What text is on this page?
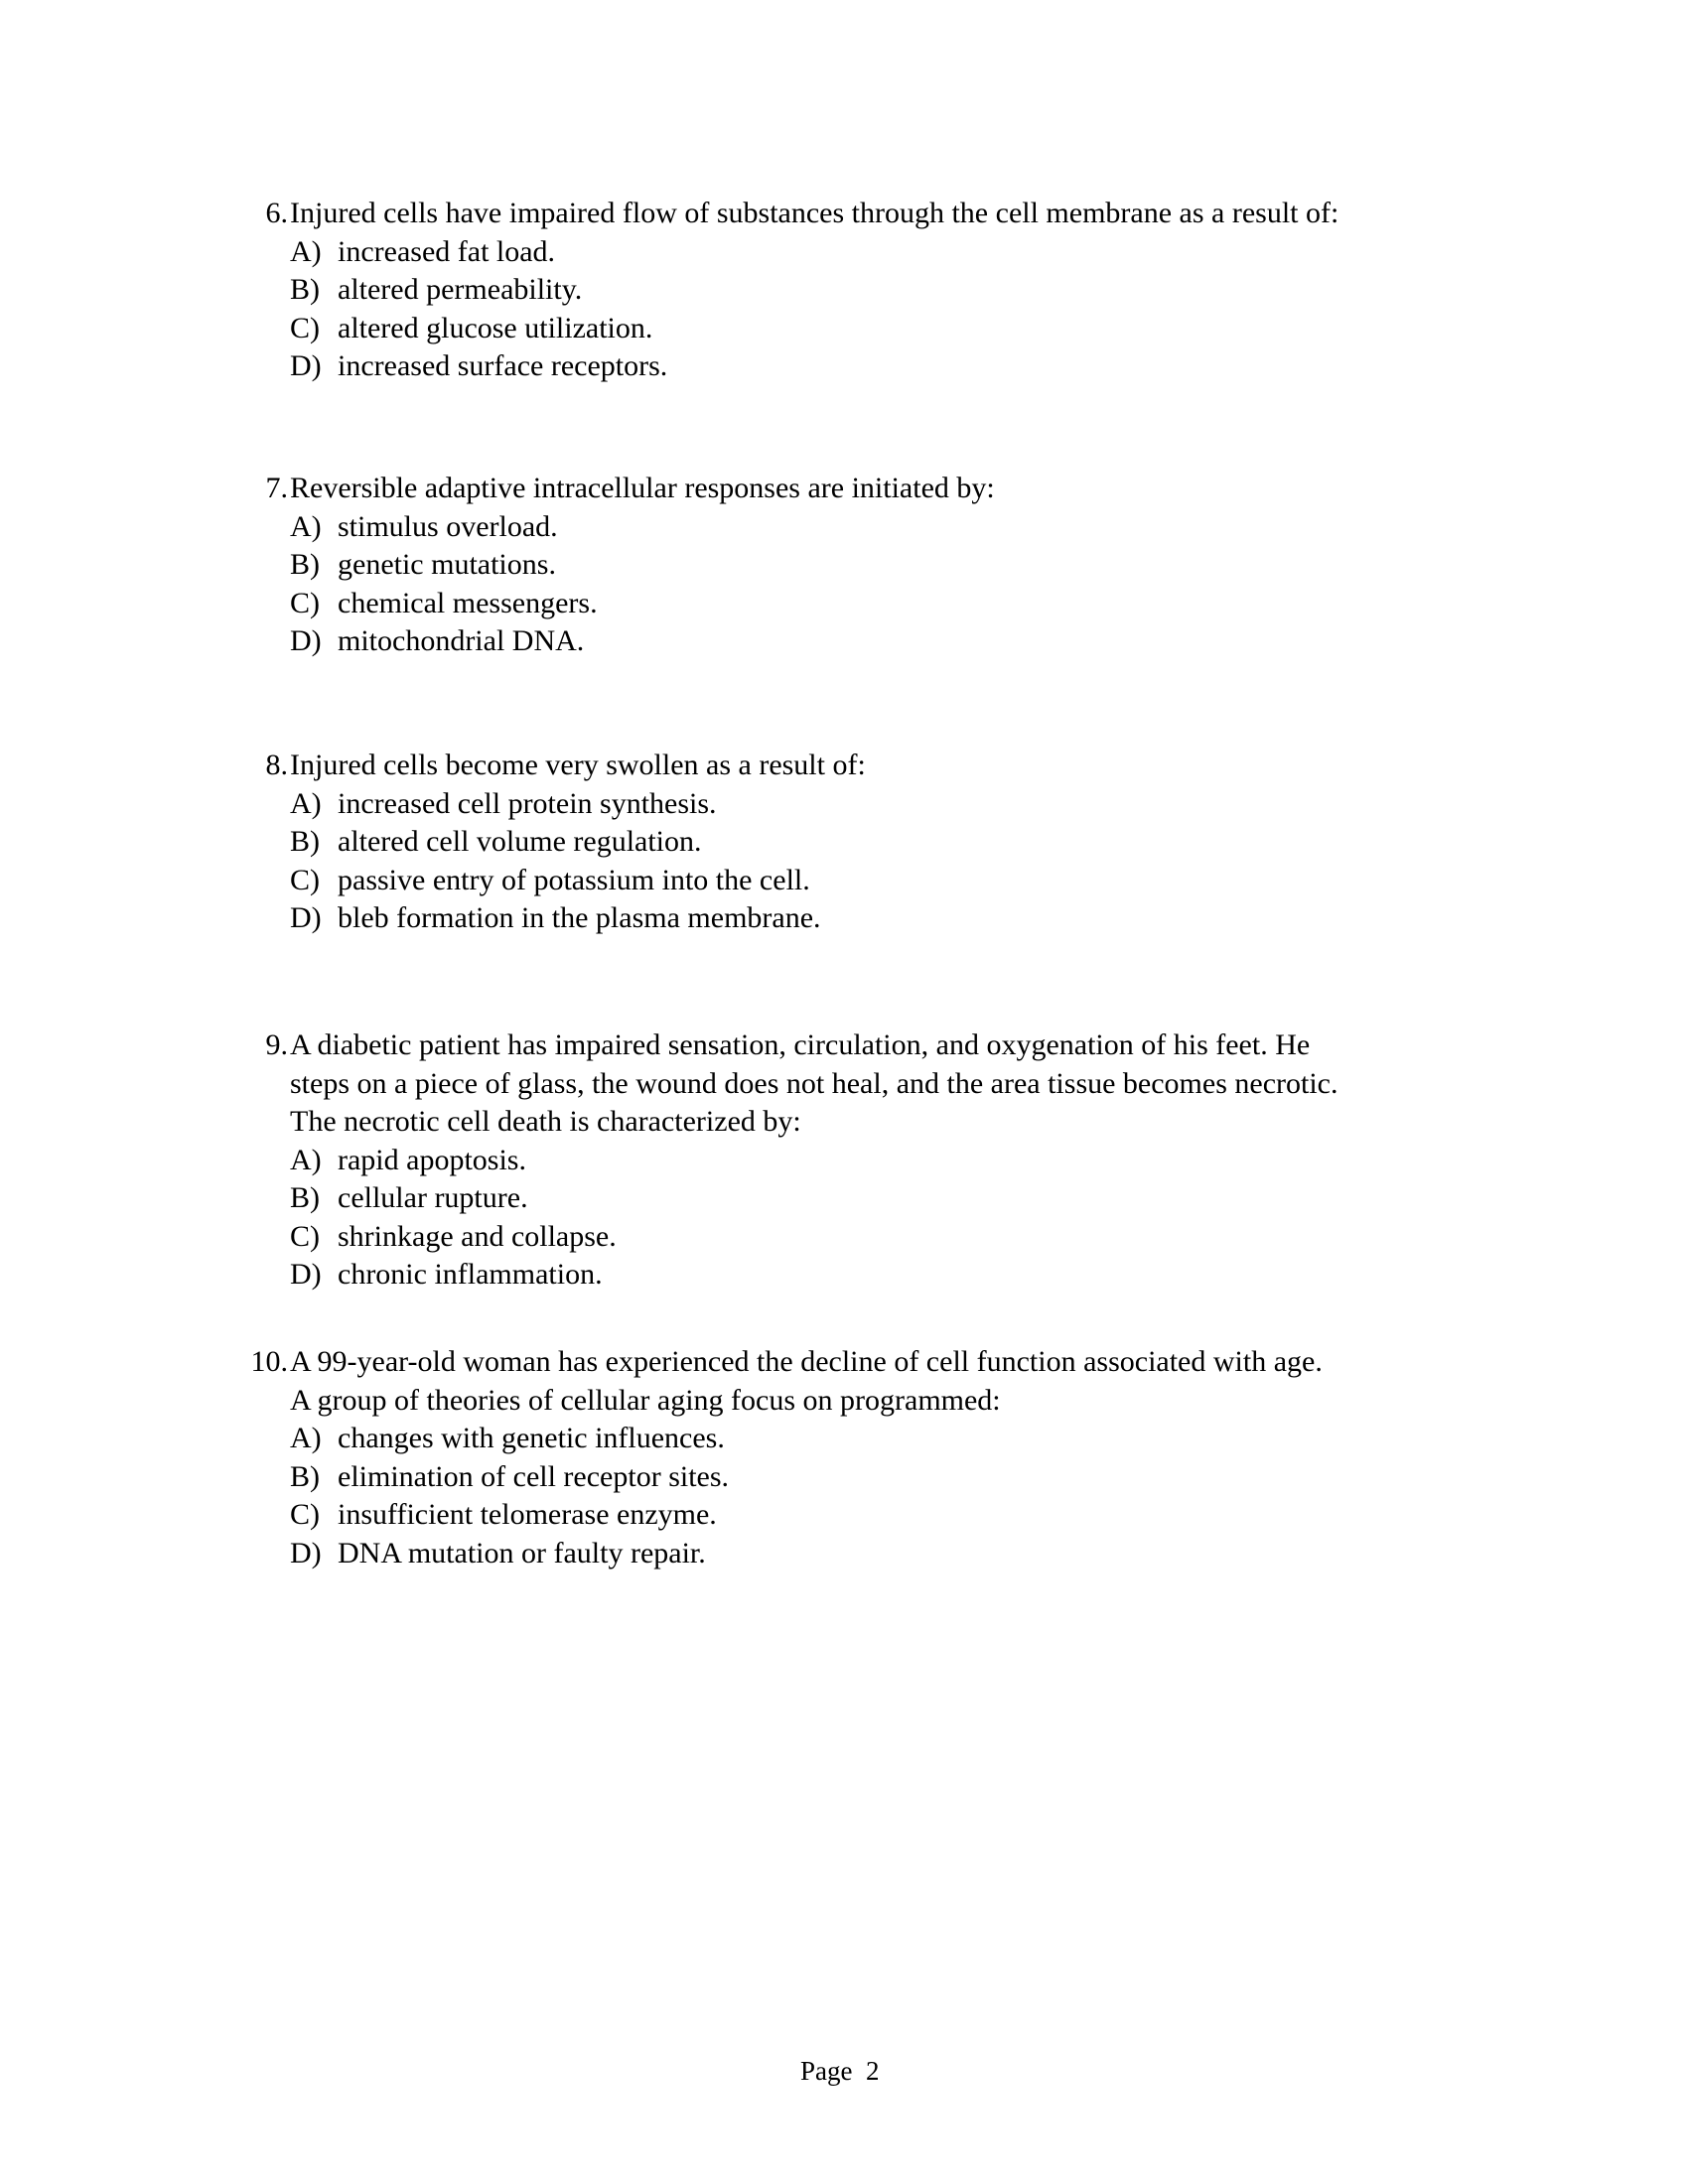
6. Injured cells have impaired flow of substances through the cell membrane as a result of:
A) increased fat load.
B) altered permeability.
C) altered glucose utilization.
D) increased surface receptors.
7. Reversible adaptive intracellular responses are initiated by:
A) stimulus overload.
B) genetic mutations.
C) chemical messengers.
D) mitochondrial DNA.
8. Injured cells become very swollen as a result of:
A) increased cell protein synthesis.
B) altered cell volume regulation.
C) passive entry of potassium into the cell.
D) bleb formation in the plasma membrane.
9. A diabetic patient has impaired sensation, circulation, and oxygenation of his feet. He
steps on a piece of glass, the wound does not heal, and the area tissue becomes necrotic.
The necrotic cell death is characterized by:
A) rapid apoptosis.
B) cellular rupture.
C) shrinkage and collapse.
D) chronic inflammation.
10. A 99-year-old woman has experienced the decline of cell function associated with age.
A group of theories of cellular aging focus on programmed:
A) changes with genetic influences.
B) elimination of cell receptor sites.
C) insufficient telomerase enzyme.
D) DNA mutation or faulty repair.
Page  2
